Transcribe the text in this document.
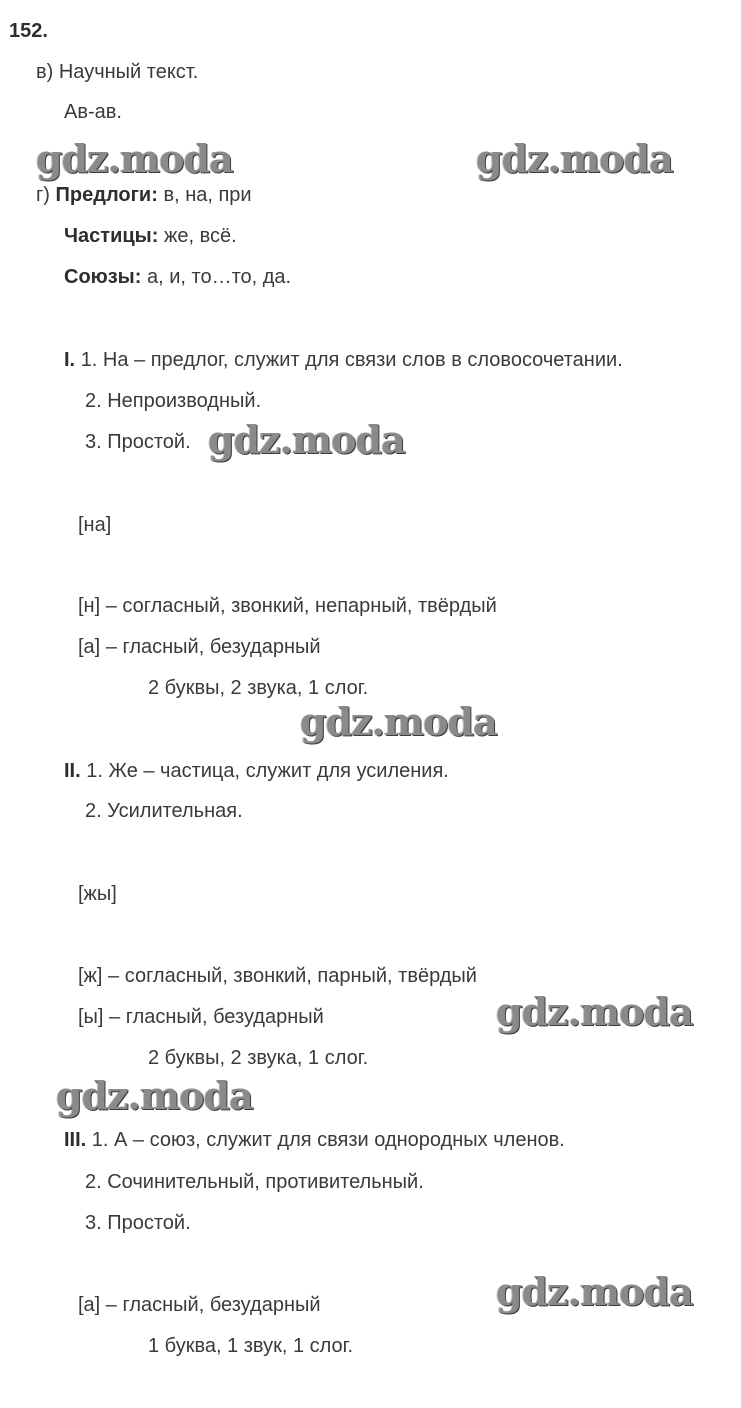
152.
в) Научный текст.
Ав-ав.
г) Предлоги: в, на, при
Частицы: же, всё.
Союзы: а, и, то…то, да.
I. 1. На – предлог, служит для связи слов в словосочетании.
2. Непроизводный.
3. Простой.
[на]
[н] – согласный, звонкий, непарный, твёрдый
[а] – гласный, безударный
2 буквы, 2 звука, 1 слог.
II. 1. Же – частица, служит для усиления.
2. Усилительная.
[жы]
[ж] – согласный, звонкий, парный, твёрдый
[ы] – гласный, безударный
2 буквы, 2 звука, 1 слог.
III. 1. А – союз, служит для связи однородных членов.
2. Сочинительный, противительный.
3. Простой.
[а] – гласный, безударный
1 буква, 1 звук, 1 слог.
gdz.moda	gdz.moda
gdz.moda
gdz.moda
gdz.moda
gdz.moda
gdz.moda
